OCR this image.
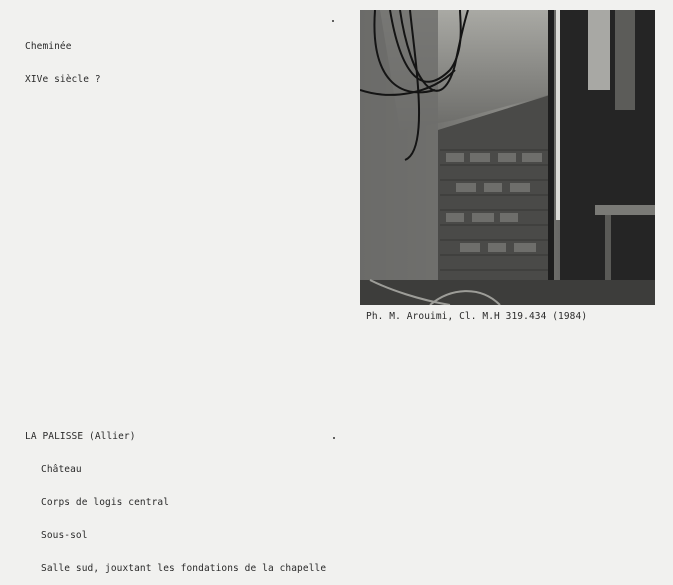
Cheminée

XIVe siècle ?

Ph. M. Arouimi, Cl. M.H 319.434 (1984)

LA PALISSE (Allier)

Château

Corps de logis central

Sous-sol

Salle sud, jouxtant les fondations de la chapelle
